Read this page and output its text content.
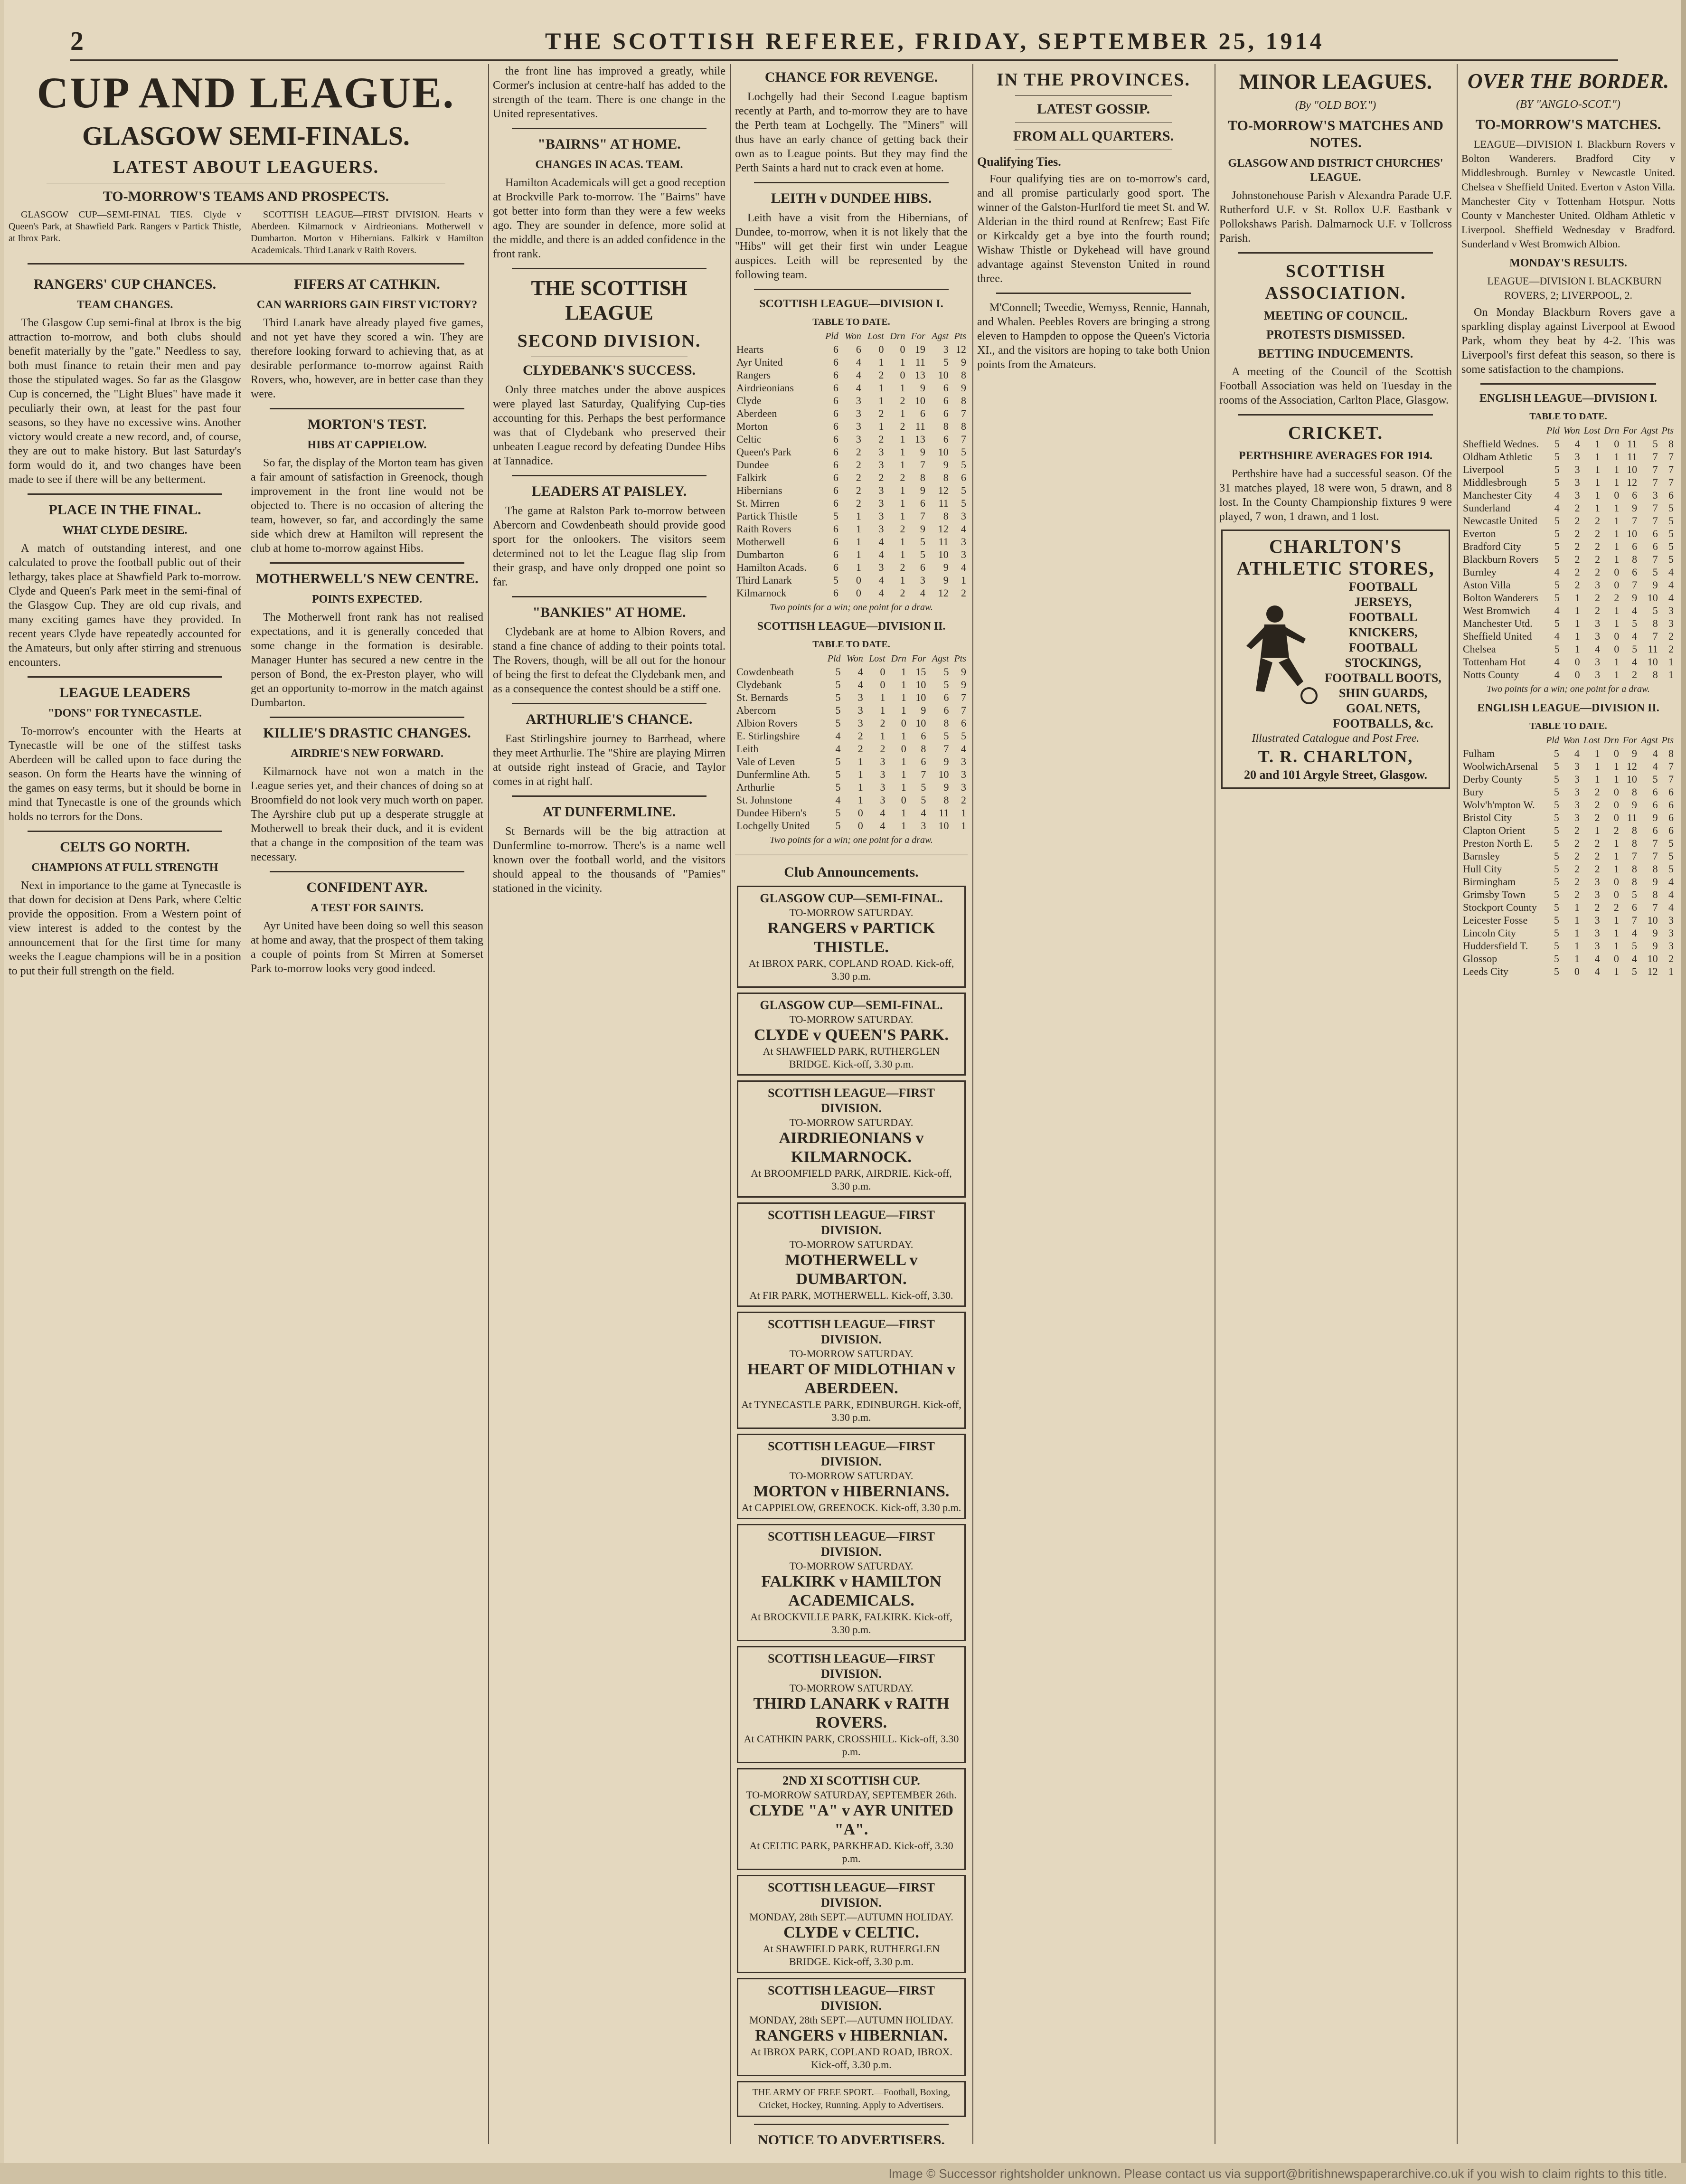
2	THE SCOTTISH REFEREE, FRIDAY, SEPTEMBER 25, 1914
CUP AND LEAGUE.
GLASGOW SEMI-FINALS.
LATEST ABOUT LEAGUERS.
TO-MORROW'S TEAMS AND PROSPECTS.

GLASGOW CUP—SEMI-FINAL TIES. Clyde v Queen's Park, at Shawfield Park. Rangers v Partick Thistle, at Ibrox Park.

SCOTTISH LEAGUE—FIRST DIVISION. Hearts v Aberdeen. Kilmarnock v Airdrieonians. Motherwell v Dumbarton. Morton v Hibernians. Falkirk v Hamilton Academicals. Third Lanark v Raith Rovers.

RANGERS' CUP CHANCES.
TEAM CHANGES.

The Glasgow Cup semi-final at Ibrox is the big attraction to-morrow, and both clubs should benefit materially by the "gate." Needless to say, both must finance to retain their men and pay those the stipulated wages. So far as the Glasgow Cup is concerned, the "Light Blues" have made it peculiarly their own, at least for the past four seasons, so they have no excessive wins. Another victory would create a new record, and, of course, they are out to make history. But last Saturday's form would do it, and two changes have been made to see if there will be any betterment.

PLACE IN THE FINAL.
WHAT CLYDE DESIRE.

A match of outstanding interest, and one calculated to prove the football public out of their lethargy, takes place at Shawfield Park to-morrow. Clyde and Queen's Park meet in the semi-final of the Glasgow Cup. They are old cup rivals, and many exciting games have they provided. In recent years Clyde have repeatedly accounted for the Amateurs, but only after stirring and strenuous encounters.

LEAGUE LEADERS
"DONS" FOR TYNECASTLE.

To-morrow's encounter with the Hearts at Tynecastle will be one of the stiffest tasks Aberdeen will be called upon to face during the season. On form the Hearts have the winning of the games on easy terms, but it should be borne in mind that Tynecastle is one of the grounds which holds no terrors for the Dons.

CELTS GO NORTH.
CHAMPIONS AT FULL STRENGTH

Next in importance to the game at Tynecastle is that down for decision at Dens Park, where Celtic provide the opposition. From a Western point of view interest is added to the contest by the announcement that for the first time for many weeks the League champions will be in a position to put their full strength on the field.

FIFERS AT CATHKIN.
CAN WARRIORS GAIN FIRST VICTORY?

Third Lanark have already played five games, and not yet have they scored a win. They are therefore looking forward to achieving that, as at desirable performance to-morrow against Raith Rovers, who, however, are in better case than they were.

MORTON'S TEST.
HIBS AT CAPPIELOW.

So far, the display of the Morton team has given a fair amount of satisfaction in Greenock, though improvement in the front line would not be objected to. There is no occasion of altering the team, however, so far, and accordingly the same side which drew at Hamilton will represent the club at home to-morrow against Hibs.

MOTHERWELL'S NEW CENTRE.
POINTS EXPECTED.

The Motherwell front rank has not realised expectations, and it is generally conceded that some change in the formation is desirable. Manager Hunter has secured a new centre in the person of Bond, the ex-Preston player, who will get an opportunity to-morrow in the match against Dumbarton.

KILLIE'S DRASTIC CHANGES.
AIRDRIE'S NEW FORWARD.

Kilmarnock have not won a match in the League series yet, and their chances of doing so at Broomfield do not look very much worth on paper. The Ayrshire club put up a desperate struggle at Motherwell to break their duck, and it is evident that a change in the composition of the team was necessary.

CONFIDENT AYR.
A TEST FOR SAINTS.

Ayr United have been doing so well this season at home and away, that the prospect of them taking a couple of points from St Mirren at Somerset Park to-morrow looks very good indeed.

the front line has improved a greatly, while Cormer's inclusion at centre-half has added to the strength of the team. There is one change in the United representatives.

"BAIRNS" AT HOME.
CHANGES IN ACAS. TEAM.

Hamilton Academicals will get a good reception at Brockville Park to-morrow. The "Bairns" have got better into form than they were a few weeks ago. They are sounder in defence, more solid at the middle, and there is an added confidence in the front rank.

THE SCOTTISH LEAGUE
SECOND DIVISION.
CLYDEBANK'S SUCCESS.

Only three matches under the above auspices were played last Saturday, Qualifying Cup-ties accounting for this. Perhaps the best performance was that of Clydebank who preserved their unbeaten League record by defeating Dundee Hibs at Tannadice.

LEADERS AT PAISLEY.

The game at Ralston Park to-morrow between Abercorn and Cowdenbeath should provide good sport for the onlookers. The visitors seem determined not to let the League flag slip from their grasp, and have only dropped one point so far.

"BANKIES" AT HOME.

Clydebank are at home to Albion Rovers, and stand a fine chance of adding to their points total. The Rovers, though, will be all out for the honour of being the first to defeat the Clydebank men, and as a consequence the contest should be a stiff one.

ARTHURLIE'S CHANCE.

East Stirlingshire journey to Barrhead, where they meet Arthurlie. The "Shire are playing Mirren at outside right instead of Gracie, and Taylor comes in at right half.

AT DUNFERMLINE.

St Bernards will be the big attraction at Dunfermline to-morrow. There's is a name well known over the football world, and the visitors should appeal to the thousands of "Pamies" stationed in the vicinity.

CHANCE FOR REVENGE.

Lochgelly had their Second League baptism recently at Parth, and to-morrow they are to have the Perth team at Lochgelly. The "Miners" will thus have an early chance of getting back their own as to League points. But they may find the Perth Saints a hard nut to crack even at home.

LEITH v DUNDEE HIBS.

Leith have a visit from the Hibernians, of Dundee, to-morrow, when it is not likely that the "Hibs" will get their first win under League auspices. Leith will be represented by the following team.

SCOTTISH LEAGUE—DIVISION I.
TABLE TO DATE.
	Pld	Won	Lost	Drn	For	Agst	Pts
Hearts	6	6	0	0	19	3	12
Ayr United	6	4	1	1	11	5	9
Rangers	6	4	2	0	13	10	8
Airdrieonians	6	4	1	1	9	6	9
Clyde	6	3	1	2	10	6	8
Aberdeen	6	3	2	1	6	6	7
Morton	6	3	1	2	11	8	8
Celtic	6	3	2	1	13	6	7
Queen's Park	6	2	3	1	9	10	5
Dundee	6	2	3	1	7	9	5
Falkirk	6	2	2	2	8	8	6
Hibernians	6	2	3	1	9	12	5
St. Mirren	6	2	3	1	6	11	5
Partick Thistle	5	1	3	1	7	8	3
Raith Rovers	6	1	3	2	9	12	4
Motherwell	6	1	4	1	5	11	3
Dumbarton	6	1	4	1	5	10	3
Hamilton Acads.	6	1	3	2	6	9	4
Third Lanark	5	0	4	1	3	9	1
Kilmarnock	6	0	4	2	4	12	2
Two points for a win; one point for a draw.
SCOTTISH LEAGUE—DIVISION II.
TABLE TO DATE.
	Pld	Won	Lost	Drn	For	Agst	Pts
Cowdenbeath	5	4	0	1	15	5	9
Clydebank	5	4	0	1	10	5	9
St. Bernards	5	3	1	1	10	6	7
Abercorn	5	3	1	1	9	6	7
Albion Rovers	5	3	2	0	10	8	6
E. Stirlingshire	4	2	1	1	6	5	5
Leith	4	2	2	0	8	7	4
Vale of Leven	5	1	3	1	6	9	3
Dunfermline Ath.	5	1	3	1	7	10	3
Arthurlie	5	1	3	1	5	9	3
St. Johnstone	4	1	3	0	5	8	2
Dundee Hibern's	5	0	4	1	4	11	1
Lochgelly United	5	0	4	1	3	10	1
Two points for a win; one point for a draw.
Club Announcements.
GLASGOW CUP—SEMI-FINAL.
TO-MORROW SATURDAY.
RANGERS v PARTICK THISTLE.
At IBROX PARK, COPLAND ROAD. Kick-off, 3.30 p.m.
GLASGOW CUP—SEMI-FINAL.
TO-MORROW SATURDAY.
CLYDE v QUEEN'S PARK.
At SHAWFIELD PARK, RUTHERGLEN BRIDGE. Kick-off, 3.30 p.m.
SCOTTISH LEAGUE—FIRST DIVISION.
TO-MORROW SATURDAY.
AIRDRIEONIANS v KILMARNOCK.
At BROOMFIELD PARK, AIRDRIE. Kick-off, 3.30 p.m.
SCOTTISH LEAGUE—FIRST DIVISION.
TO-MORROW SATURDAY.
MOTHERWELL v DUMBARTON.
At FIR PARK, MOTHERWELL. Kick-off, 3.30.
SCOTTISH LEAGUE—FIRST DIVISION.
TO-MORROW SATURDAY.
HEART OF MIDLOTHIAN v ABERDEEN.
At TYNECASTLE PARK, EDINBURGH. Kick-off, 3.30 p.m.
SCOTTISH LEAGUE—FIRST DIVISION.
TO-MORROW SATURDAY.
MORTON v HIBERNIANS.
At CAPPIELOW, GREENOCK. Kick-off, 3.30 p.m.
SCOTTISH LEAGUE—FIRST DIVISION.
TO-MORROW SATURDAY.
FALKIRK v HAMILTON ACADEMICALS.
At BROCKVILLE PARK, FALKIRK. Kick-off, 3.30 p.m.
SCOTTISH LEAGUE—FIRST DIVISION.
TO-MORROW SATURDAY.
THIRD LANARK v RAITH ROVERS.
At CATHKIN PARK, CROSSHILL. Kick-off, 3.30 p.m.
2ND XI SCOTTISH CUP.
TO-MORROW SATURDAY, SEPTEMBER 26th.
CLYDE "A" v AYR UNITED "A".
At CELTIC PARK, PARKHEAD. Kick-off, 3.30 p.m.
SCOTTISH LEAGUE—FIRST DIVISION.
MONDAY, 28th SEPT.—AUTUMN HOLIDAY.
CLYDE v CELTIC.
At SHAWFIELD PARK, RUTHERGLEN BRIDGE. Kick-off, 3.30 p.m.
SCOTTISH LEAGUE—FIRST DIVISION.
MONDAY, 28th SEPT.—AUTUMN HOLIDAY.
RANGERS v HIBERNIAN.
At IBROX PARK, COPLAND ROAD, IBROX. Kick-off, 3.30 p.m.
THE ARMY OF FREE SPORT.—Football, Boxing, Cricket, Hockey, Running. Apply to Advertisers.
NOTICE TO ADVERTISERS.

IN THE PROVINCES.
LATEST GOSSIP.
FROM ALL QUARTERS.
Qualifying Ties.

Four qualifying ties are on to-morrow's card, and all promise particularly good sport. The winner of the Galston-Hurlford tie meet St. and W. Alderian in the third round at Renfrew; East Fife or Kirkcaldy get a bye into the fourth round; Wishaw Thistle or Dykehead will have ground advantage against Stevenston United in round three.

M'Connell; Tweedie, Wemyss, Rennie, Hannah, and Whalen. Peebles Rovers are bringing a strong eleven to Hampden to oppose the Queen's Victoria XI., and the visitors are hoping to take both Union points from the Amateurs.

MINOR LEAGUES.
(By "OLD BOY.")
TO-MORROW'S MATCHES AND NOTES.
GLASGOW AND DISTRICT CHURCHES' LEAGUE.

Johnstonehouse Parish v Alexandra Parade U.F. Rutherford U.F. v St. Rollox U.F. Eastbank v Pollokshaws Parish. Dalmarnock U.F. v Tollcross Parish.

SCOTTISH ASSOCIATION.
MEETING OF COUNCIL.
PROTESTS DISMISSED.
BETTING INDUCEMENTS.

A meeting of the Council of the Scottish Football Association was held on Tuesday in the rooms of the Association, Carlton Place, Glasgow.

CRICKET.
PERTHSHIRE AVERAGES FOR 1914.

Perthshire have had a successful season. Of the 31 matches played, 18 were won, 5 drawn, and 8 lost. In the County Championship fixtures 9 were played, 7 won, 1 drawn, and 1 lost.

CHARLTON'S ATHLETIC STORES,
FOOTBALL JERSEYS,
FOOTBALL KNICKERS,
FOOTBALL STOCKINGS,
FOOTBALL BOOTS,
SHIN GUARDS, GOAL NETS,
FOOTBALLS, &c.
Illustrated Catalogue and Post Free.
T. R. CHARLTON,
20 and 101 Argyle Street, Glasgow.
OVER THE BORDER.
(BY "ANGLO-SCOT.")
TO-MORROW'S MATCHES.

LEAGUE—DIVISION I. Blackburn Rovers v Bolton Wanderers. Bradford City v Middlesbrough. Burnley v Newcastle United. Chelsea v Sheffield United. Everton v Aston Villa. Manchester City v Tottenham Hotspur. Notts County v Manchester United. Oldham Athletic v Liverpool. Sheffield Wednesday v Bradford. Sunderland v West Bromwich Albion.

MONDAY'S RESULTS.

LEAGUE—DIVISION I. BLACKBURN ROVERS, 2; LIVERPOOL, 2.

On Monday Blackburn Rovers gave a sparkling display against Liverpool at Ewood Park, whom they beat by 4-2. This was Liverpool's first defeat this season, so there is some satisfaction to the champions.

ENGLISH LEAGUE—DIVISION I.
TABLE TO DATE.
	Pld	Won	Lost	Drn	For	Agst	Pts
Sheffield Wednes.	5	4	1	0	11	5	8
Oldham Athletic	5	3	1	1	11	7	7
Liverpool	5	3	1	1	10	7	7
Middlesbrough	5	3	1	1	12	7	7
Manchester City	4	3	1	0	6	3	6
Sunderland	4	2	1	1	9	7	5
Newcastle United	5	2	2	1	7	7	5
Everton	5	2	2	1	10	6	5
Bradford City	5	2	2	1	6	6	5
Blackburn Rovers	5	2	2	1	8	7	5
Burnley	4	2	2	0	6	5	4
Aston Villa	5	2	3	0	7	9	4
Bolton Wanderers	5	1	2	2	9	10	4
West Bromwich	4	1	2	1	4	5	3
Manchester Utd.	5	1	3	1	5	8	3
Sheffield United	4	1	3	0	4	7	2
Chelsea	5	1	4	0	5	11	2
Tottenham Hot	4	0	3	1	4	10	1
Notts County	4	0	3	1	2	8	1
Two points for a win; one point for a draw.
ENGLISH LEAGUE—DIVISION II.
TABLE TO DATE.
	Pld	Won	Lost	Drn	For	Agst	Pts
Fulham	5	4	1	0	9	4	8
WoolwichArsenal	5	3	1	1	12	4	7
Derby County	5	3	1	1	10	5	7
Bury	5	3	2	0	8	6	6
Wolv'h'mpton W.	5	3	2	0	9	6	6
Bristol City	5	3	2	0	11	9	6
Clapton Orient	5	2	1	2	8	6	6
Preston North E.	5	2	2	1	8	7	5
Barnsley	5	2	2	1	7	7	5
Hull City	5	2	2	1	8	8	5
Birmingham	5	2	3	0	8	9	4
Grimsby Town	5	2	3	0	5	8	4
Stockport County	5	1	2	2	6	7	4
Leicester Fosse	5	1	3	1	7	10	3
Lincoln City	5	1	3	1	4	9	3
Huddersfield T.	5	1	3	1	5	9	3
Glossop	5	1	4	0	4	10	2
Leeds City	5	0	4	1	5	12	1
Image © Successor rightsholder unknown. Please contact us via support@britishnewspaperarchive.co.uk if you wish to claim rights to this title.
